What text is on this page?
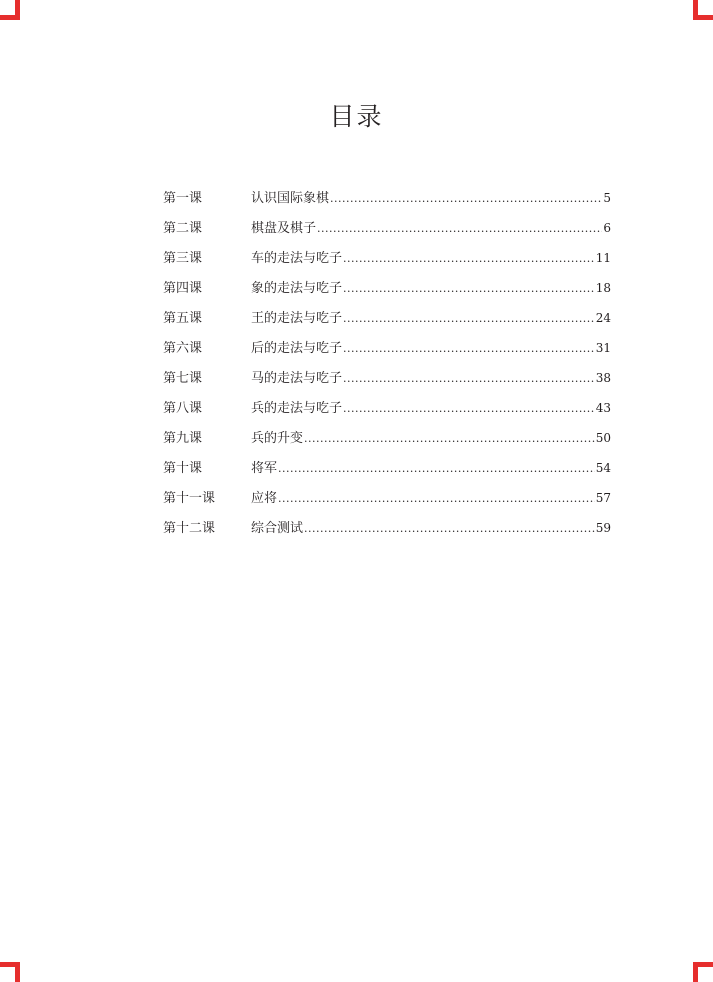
目录
第一课	认识国际象棋 .....	5
第二课	棋盘及棋子 .....	6
第三课	车的走法与吃子 .....	11
第四课	象的走法与吃子 .....	18
第五课	王的走法与吃子 .....	24
第六课	后的走法与吃子 .....	31
第七课	马的走法与吃子 .....	38
第八课	兵的走法与吃子 .....	43
第九课	兵的升变 .....	50
第十课	将军 .....	54
第十一课	应将 .....	57
第十二课	综合测试 .....	59
